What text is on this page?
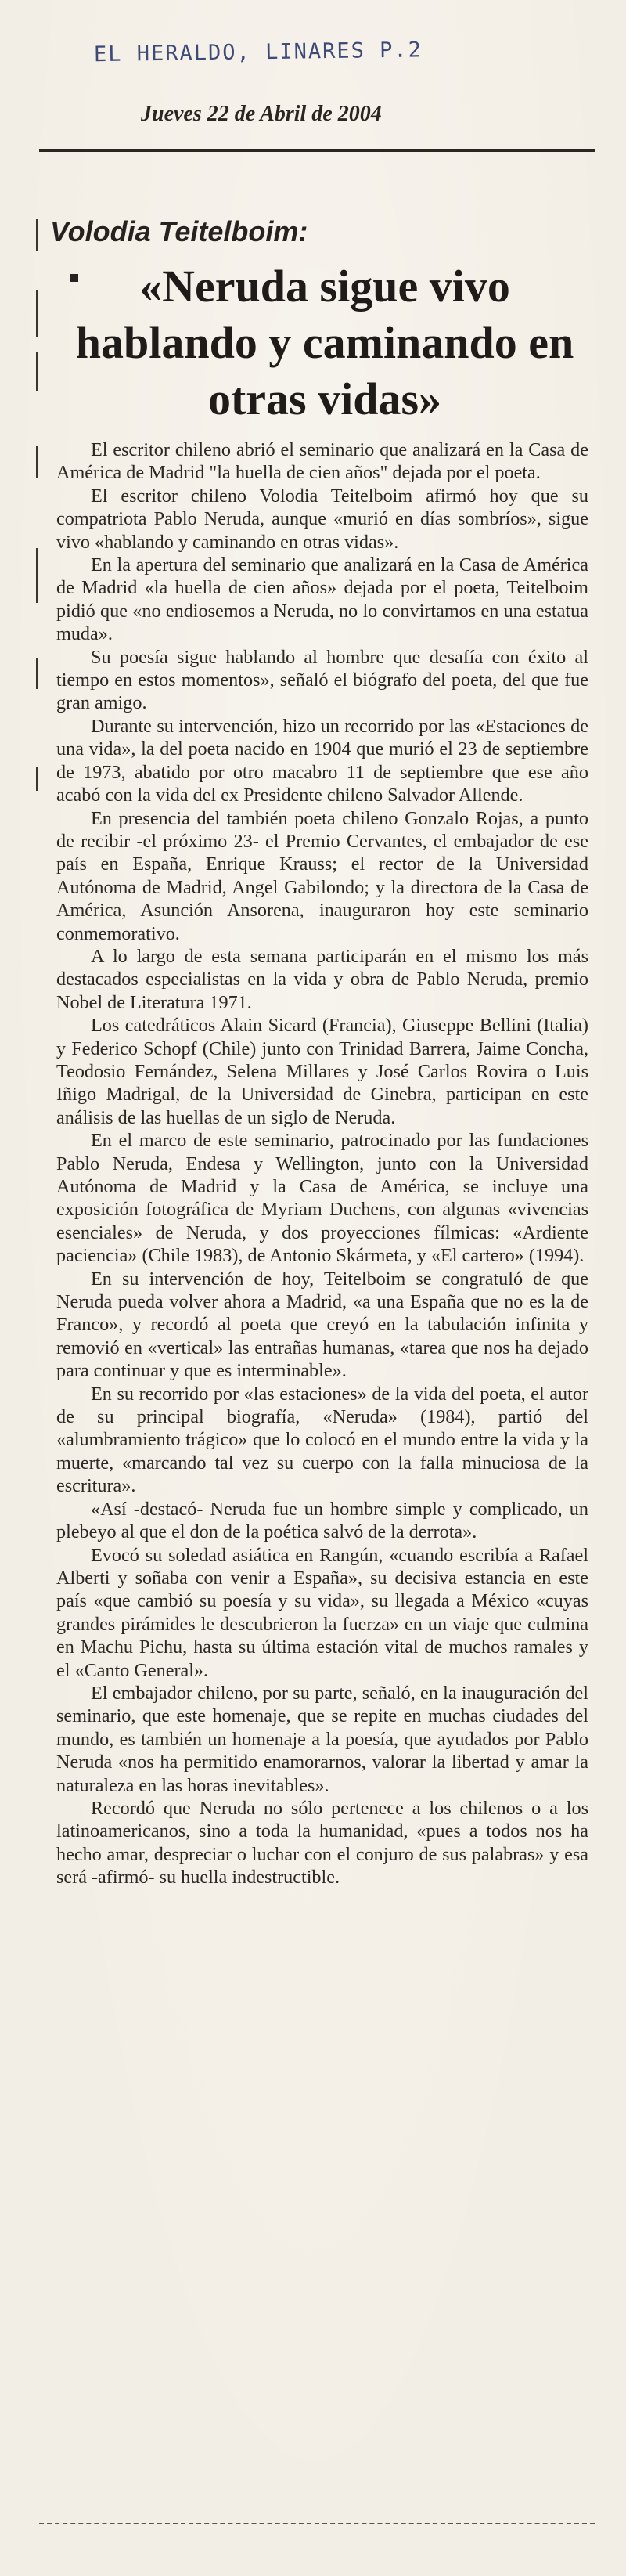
EL HERALDO, LINARES P.2
Jueves 22 de Abril de 2004
Volodia Teitelboim:
«Neruda sigue vivo hablando y caminando en otras vidas»

El escritor chileno abrió el seminario que analizará en la Casa de América de Madrid "la huella de cien años" dejada por el poeta.

El escritor chileno Volodia Teitelboim afirmó hoy que su compatriota Pablo Neruda, aunque «murió en días sombríos», sigue vivo «hablando y caminando en otras vidas».

En la apertura del seminario que analizará en la Casa de América de Madrid «la huella de cien años» dejada por el poeta, Teitelboim pidió que «no endiosemos a Neruda, no lo convirtamos en una estatua muda».

Su poesía sigue hablando al hombre que desafía con éxito al tiempo en estos momentos», señaló el biógrafo del poeta, del que fue gran amigo.

Durante su intervención, hizo un recorrido por las «Estaciones de una vida», la del poeta nacido en 1904 que murió el 23 de septiembre de 1973, abatido por otro macabro 11 de septiembre que ese año acabó con la vida del ex Presidente chileno Salvador Allende.

En presencia del también poeta chileno Gonzalo Rojas, a punto de recibir -el próximo 23- el Premio Cervantes, el embajador de ese país en España, Enrique Krauss; el rector de la Universidad Autónoma de Madrid, Angel Gabilondo; y la directora de la Casa de América, Asunción Ansorena, inauguraron hoy este seminario conmemorativo.

A lo largo de esta semana participarán en el mismo los más destacados especialistas en la vida y obra de Pablo Neruda, premio Nobel de Literatura 1971.

Los catedráticos Alain Sicard (Francia), Giuseppe Bellini (Italia) y Federico Schopf (Chile) junto con Trinidad Barrera, Jaime Concha, Teodosio Fernández, Selena Millares y José Carlos Rovira o Luis Iñigo Madrigal, de la Universidad de Ginebra, participan en este análisis de las huellas de un siglo de Neruda.

En el marco de este seminario, patrocinado por las fundaciones Pablo Neruda, Endesa y Wellington, junto con la Universidad Autónoma de Madrid y la Casa de América, se incluye una exposición fotográfica de Myriam Duchens, con algunas «vivencias esenciales» de Neruda, y dos proyecciones fílmicas: «Ardiente paciencia» (Chile 1983), de Antonio Skármeta, y «El cartero» (1994).

En su intervención de hoy, Teitelboim se congratuló de que Neruda pueda volver ahora a Madrid, «a una España que no es la de Franco», y recordó al poeta que creyó en la tabulación infinita y removió en «vertical» las entrañas humanas, «tarea que nos ha dejado para continuar y que es interminable».

En su recorrido por «las estaciones» de la vida del poeta, el autor de su principal biografía, «Neruda» (1984), partió del «alumbramiento trágico» que lo colocó en el mundo entre la vida y la muerte, «marcando tal vez su cuerpo con la falla minuciosa de la escritura».

«Así -destacó- Neruda fue un hombre simple y complicado, un plebeyo al que el don de la poética salvó de la derrota».

Evocó su soledad asiática en Rangún, «cuando escribía a Rafael Alberti y soñaba con venir a España», su decisiva estancia en este país «que cambió su poesía y su vida», su llegada a México «cuyas grandes pirámides le descubrieron la fuerza» en un viaje que culmina en Machu Pichu, hasta su última estación vital de muchos ramales y el «Canto General».

El embajador chileno, por su parte, señaló, en la inauguración del seminario, que este homenaje, que se repite en muchas ciudades del mundo, es también un homenaje a la poesía, que ayudados por Pablo Neruda «nos ha permitido enamorarnos, valorar la libertad y amar la naturaleza en las horas inevitables».

Recordó que Neruda no sólo pertenece a los chilenos o a los latinoamericanos, sino a toda la humanidad, «pues a todos nos ha hecho amar, despreciar o luchar con el conjuro de sus palabras» y esa será -afirmó- su huella indestructible.
